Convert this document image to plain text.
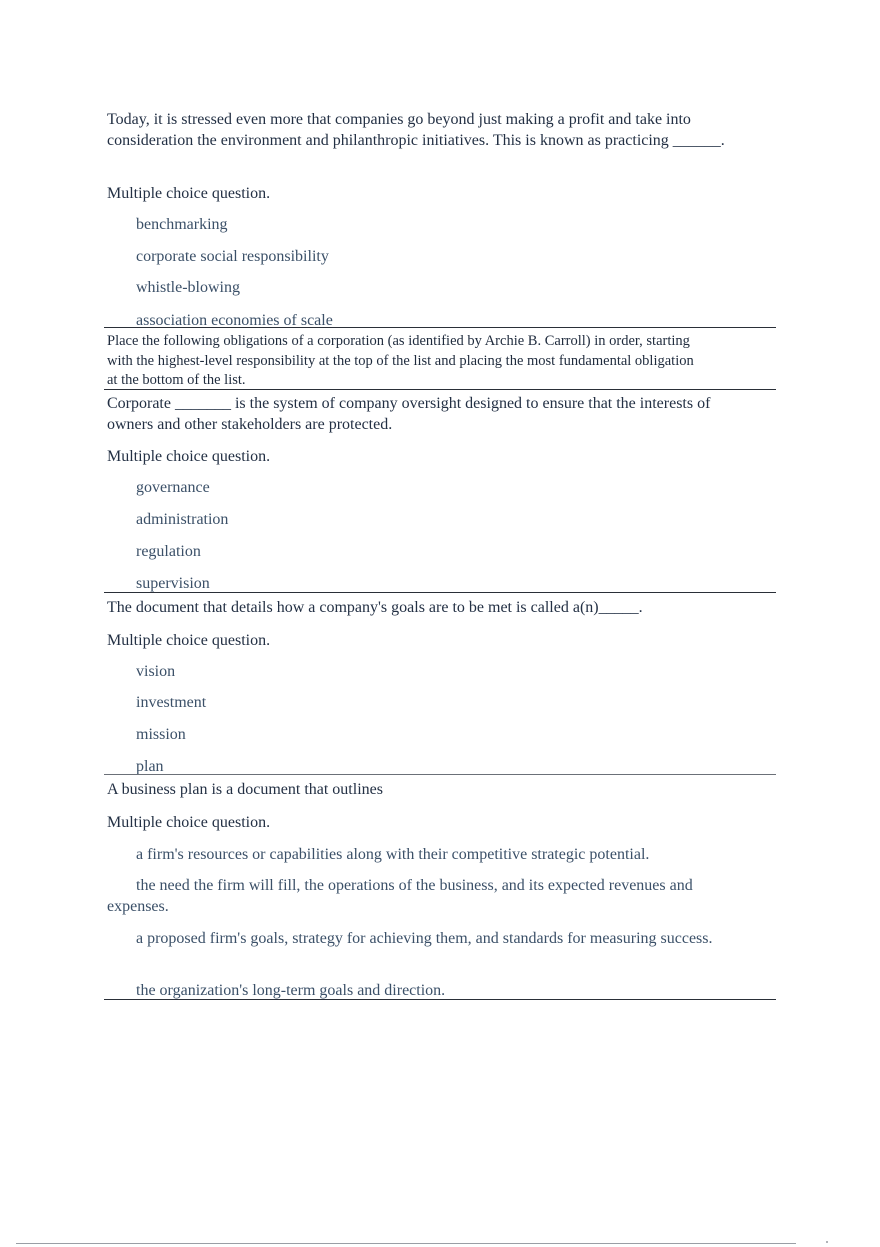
Today, it is stressed even more that companies go beyond just making a profit and take into consideration the environment and philanthropic initiatives. This is known as practicing ______.

Multiple choice question.
benchmarking
corporate social responsibility
whistle-blowing
association economies of scale

Place the following obligations of a corporation (as identified by Archie B. Carroll) in order, starting with the highest-level responsibility at the top of the list and placing the most fundamental obligation at the bottom of the list.

Corporate _______ is the system of company oversight designed to ensure that the interests of owners and other stakeholders are protected.

Multiple choice question.
governance
administration
regulation
supervision

The document that details how a company's goals are to be met is called a(n)_____.

Multiple choice question.
vision
investment
mission
plan

A business plan is a document that outlines

Multiple choice question.
a firm's resources or capabilities along with their competitive strategic potential.
the need the firm will fill, the operations of the business, and its expected revenues and expenses.
a proposed firm's goals, strategy for achieving them, and standards for measuring success.
the organization's long-term goals and direction.
